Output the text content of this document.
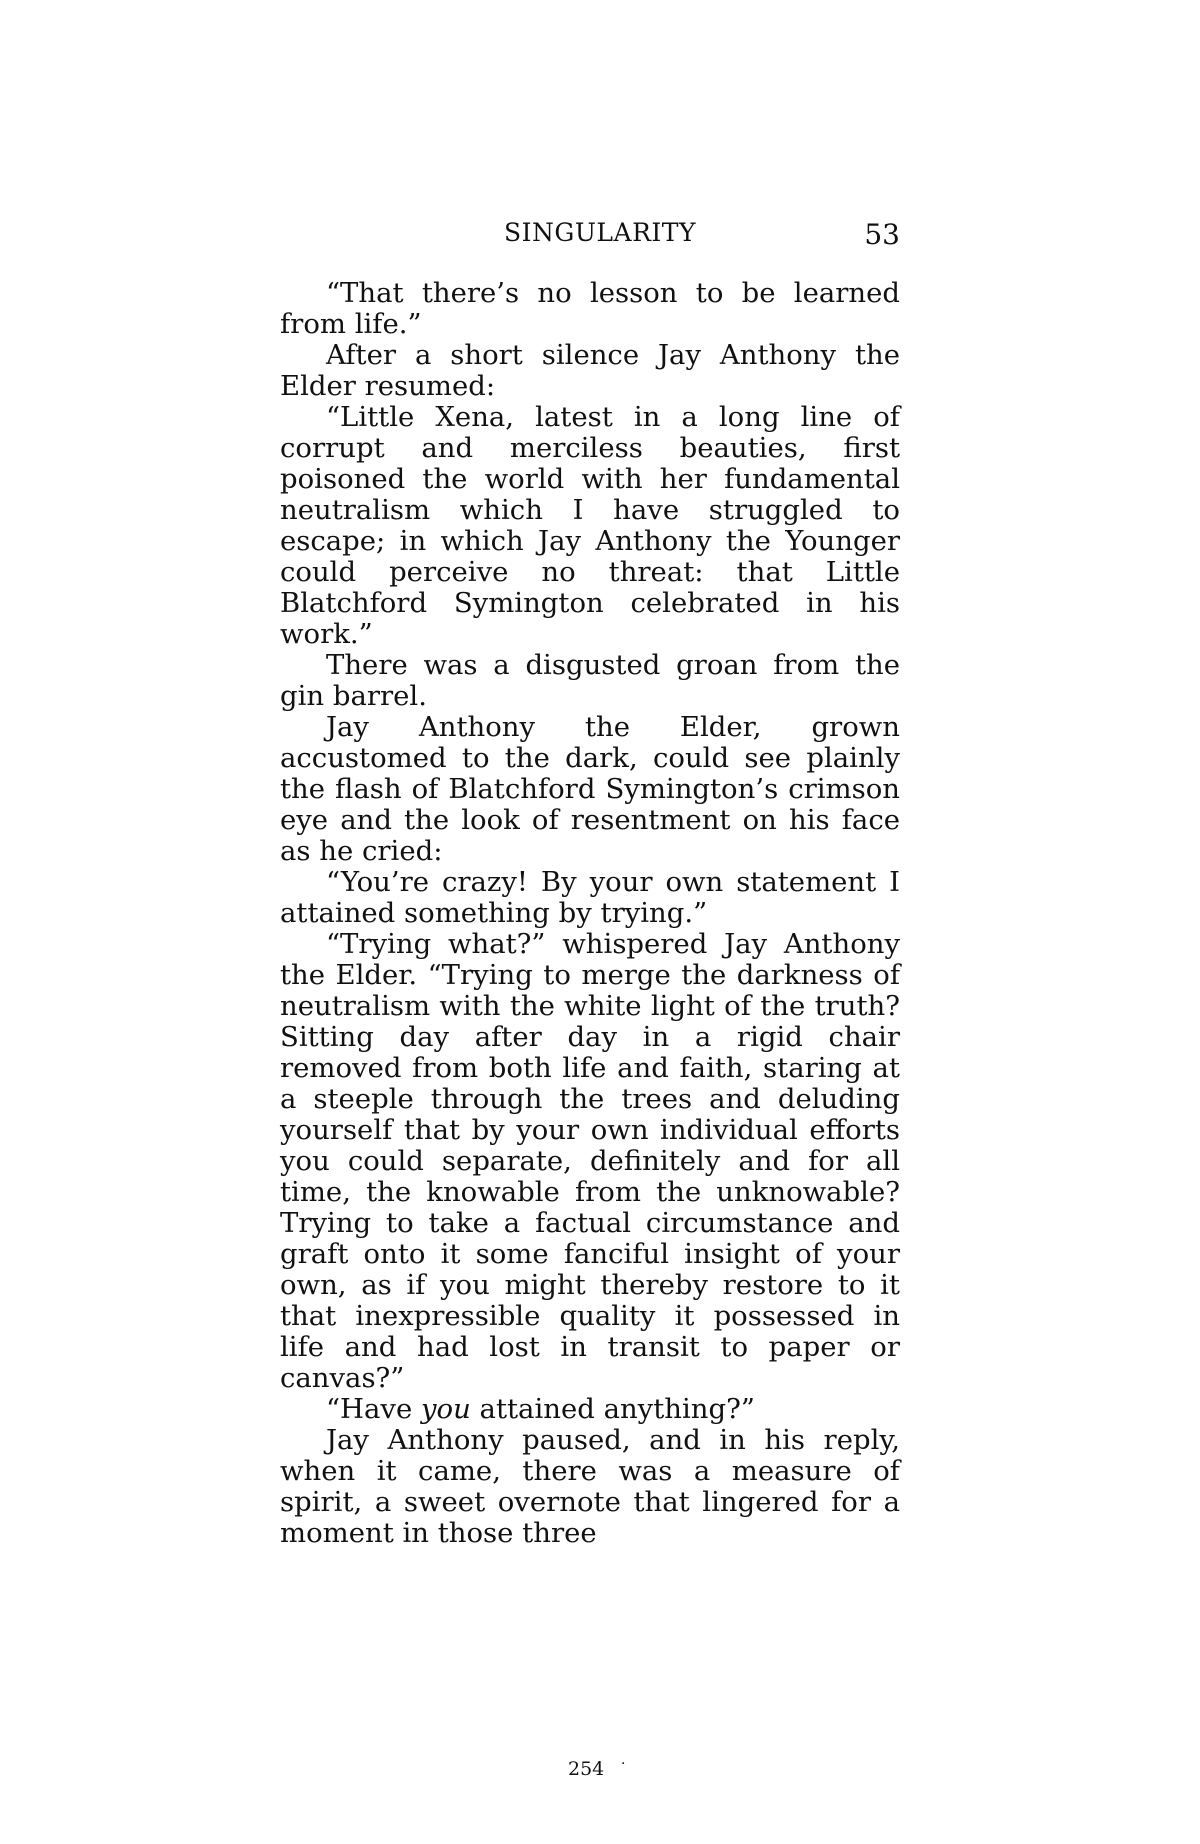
SINGULARITY	53

“That there’s no lesson to be learned from life.”

After a short silence Jay Anthony the Elder resumed:

“Little Xena, latest in a long line of corrupt and merciless beauties, first poisoned the world with her fundamental neutralism which I have struggled to escape; in which Jay Anthony the Younger could perceive no threat: that Little Blatchford Symington celebrated in his work.”

There was a disgusted groan from the gin barrel.

Jay Anthony the Elder, grown accustomed to the dark, could see plainly the flash of Blatchford Symington’s crimson eye and the look of resentment on his face as he cried:

“You’re crazy! By your own statement I attained something by trying.”

“Trying what?” whispered Jay Anthony the Elder. “Trying to merge the darkness of neutralism with the white light of the truth? Sitting day after day in a rigid chair removed from both life and faith, staring at a steeple through the trees and deluding yourself that by your own individual efforts you could separate, definitely and for all time, the knowable from the unknowable? Trying to take a factual circumstance and graft onto it some fanciful insight of your own, as if you might thereby restore to it that inexpressible quality it possessed in life and had lost in transit to paper or canvas?”

“Have you attained anything?”

Jay Anthony paused, and in his reply, when it came, there was a measure of spirit, a sweet overnote that lingered for a moment in those three

254 ·
